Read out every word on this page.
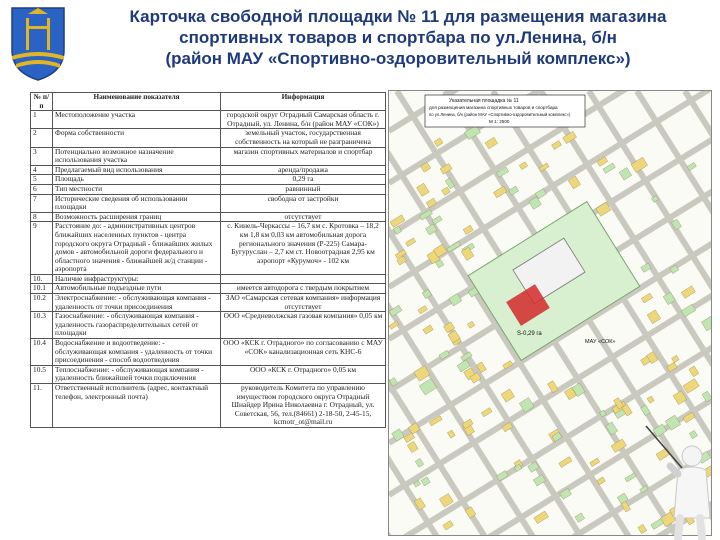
Карточка свободной площадки № 11 для размещения магазина
спортивных товаров и спортбара по ул.Ленина, б/н
(район МАУ «Спортивно-оздоровительный комплекс»)
№ п/п	Наименование показателя	Информация
1	Местоположение участка	городской округ Отрадный Самарская область г. Отрадный, ул. Ленина, б/н (район МАУ «СОК»)
2	Форма собственности	земельный участок, государственная собственность на который не разграничена
3	Потенциально возможное назначение использования участка	магазин спортивных материалов и спортбар
4	Предлагаемый вид использования	аренда/продажа
5	Площадь	0,29 га
6	Тип местности	равнинный
7	Исторические сведения об использовании площадки	свободна от застройки
8	Возможность расширения границ	отсутствует
9	Расстояние до: - административных центров ближайших населенных пунктов - центра городского округа Отрадный - ближайших жилых домов - автомобильной дороги федерального и областного значения - ближайшей ж/д станции - аэропорта	с. Кинель-Черкассы – 16,7 км с. Кротовка – 18,2 км 1,8 км 0,03 км автомобильная дорога регионального значения (Р-225) Самара-Бугуруслан – 2,7 км ст. Новоотрадная 2,95 км аэропорт «Курумоч» - 102 км
10.	Наличие инфраструктуры:	
10.1	Автомобильные подъездные пути	имеется автодорога с твердым покрытием
10.2	Электроснабжение: - обслуживающая компания - удаленность от точки присоединения	ЗАО «Самарская сетевая компания» информация отсутствует
10.3	Газоснабжение: - обслуживающая компания - удаленность газораспределительных сетей от площадки	ООО «Средневолжская газовая компания» 0,05 км
10.4	Водоснабжение и водоотведение: - обслуживающая компания - удаленность от точки присоединения - способ водоотведения	ООО «КСК г. Отрадного» по согласованию с МАУ «СОК» канализационная сеть КНС-6
10.5	Теплоснабжение: - обслуживающая компания - удаленность ближайшей точки подключения	ООО «КСК г. Отрадного» 0,05 км
11.	Ответственный исполнитель (адрес, контактный телефон, электронный почта)	руководитель Комитета по управлению имуществом городского округа Отрадный Шнайдер Ирина Николаевна г. Отрадный, ул. Советская, 56, тел.(84661) 2-18-50, 2-45-15, kcmotr_ot@mail.ru
S-0,29 га
МАУ «СОК»
Указательная площадка № 11
для размещения магазина спортивных товаров и спортбара
по ул.Ленина, б/н (район МАУ «Спортивно-оздоровительный комплекс»)
М 1: 2500
